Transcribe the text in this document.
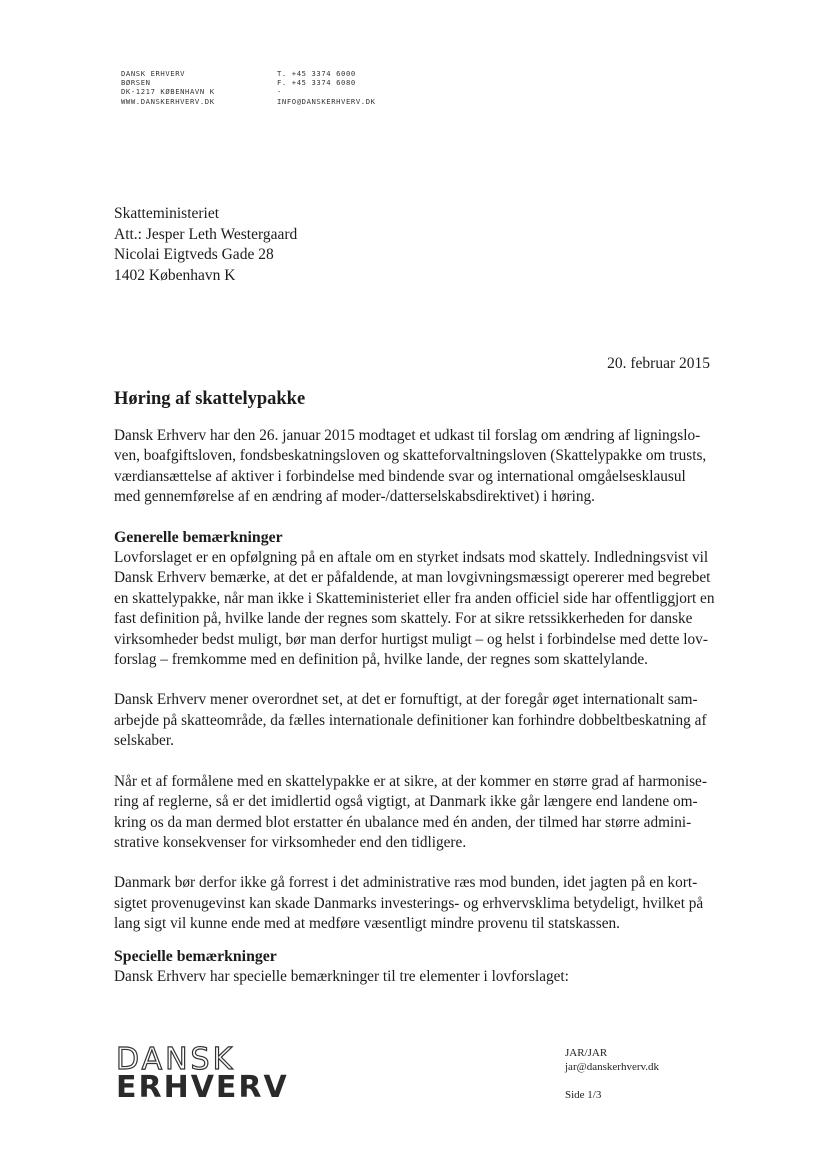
DANSK ERHVERV
BØRSEN
DK-1217 KØBENHAVN K
WWW.DANSKERHVERV.DK
T. +45 3374 6000
F. +45 3374 6080
-
INFO@DANSKERHVERV.DK
Skatteministeriet
Att.: Jesper Leth Westergaard
Nicolai Eigtveds Gade 28
1402 København K
20. februar 2015
Høring af skattelypakke
Dansk Erhverv har den 26. januar 2015 modtaget et udkast til forslag om ændring af ligningslo-
ven, boafgiftsloven, fondsbeskatningsloven og skatteforvaltningsloven (Skattelypakke om trusts,
værdiansættelse af aktiver i forbindelse med bindende svar og international omgåelsesklausul
med gennemførelse af en ændring af moder-/datterselskabsdirektivet) i høring.
Generelle bemærkninger
Lovforslaget er en opfølgning på en aftale om en styrket indsats mod skattely. Indledningsvist vil
Dansk Erhverv bemærke, at det er påfaldende, at man lovgivningsmæssigt opererer med begrebet
en skattelypakke, når man ikke i Skatteministeriet eller fra anden officiel side har offentliggjort en
fast definition på, hvilke lande der regnes som skattely. For at sikre retssikkerheden for danske
virksomheder bedst muligt, bør man derfor hurtigst muligt – og helst i forbindelse med dette lov-
forslag – fremkomme med en definition på, hvilke lande, der regnes som skattelylande.
Dansk Erhverv mener overordnet set, at det er fornuftigt, at der foregår øget internationalt sam-
arbejde på skatteområde, da fælles internationale definitioner kan forhindre dobbeltbeskatning af
selskaber.
Når et af formålene med en skattelypakke er at sikre, at der kommer en større grad af harmonise-
ring af reglerne, så er det imidlertid også vigtigt, at Danmark ikke går længere end landene om-
kring os da man dermed blot erstatter én ubalance med én anden, der tilmed har større admini-
strative konsekvenser for virksomheder end den tidligere.
Danmark bør derfor ikke gå forrest i det administrative ræs mod bunden, idet jagten på en kort-
sigtet provenugevinst kan skade Danmarks investerings- og erhvervsklima betydeligt, hvilket på
lang sigt vil kunne ende med at medføre væsentligt mindre provenu til statskassen.
Specielle bemærkninger
Dansk Erhverv har specielle bemærkninger til tre elementer i lovforslaget:
DANSK
ERHVERV
JAR/JAR
jar@danskerhverv.dk
Side 1/3
